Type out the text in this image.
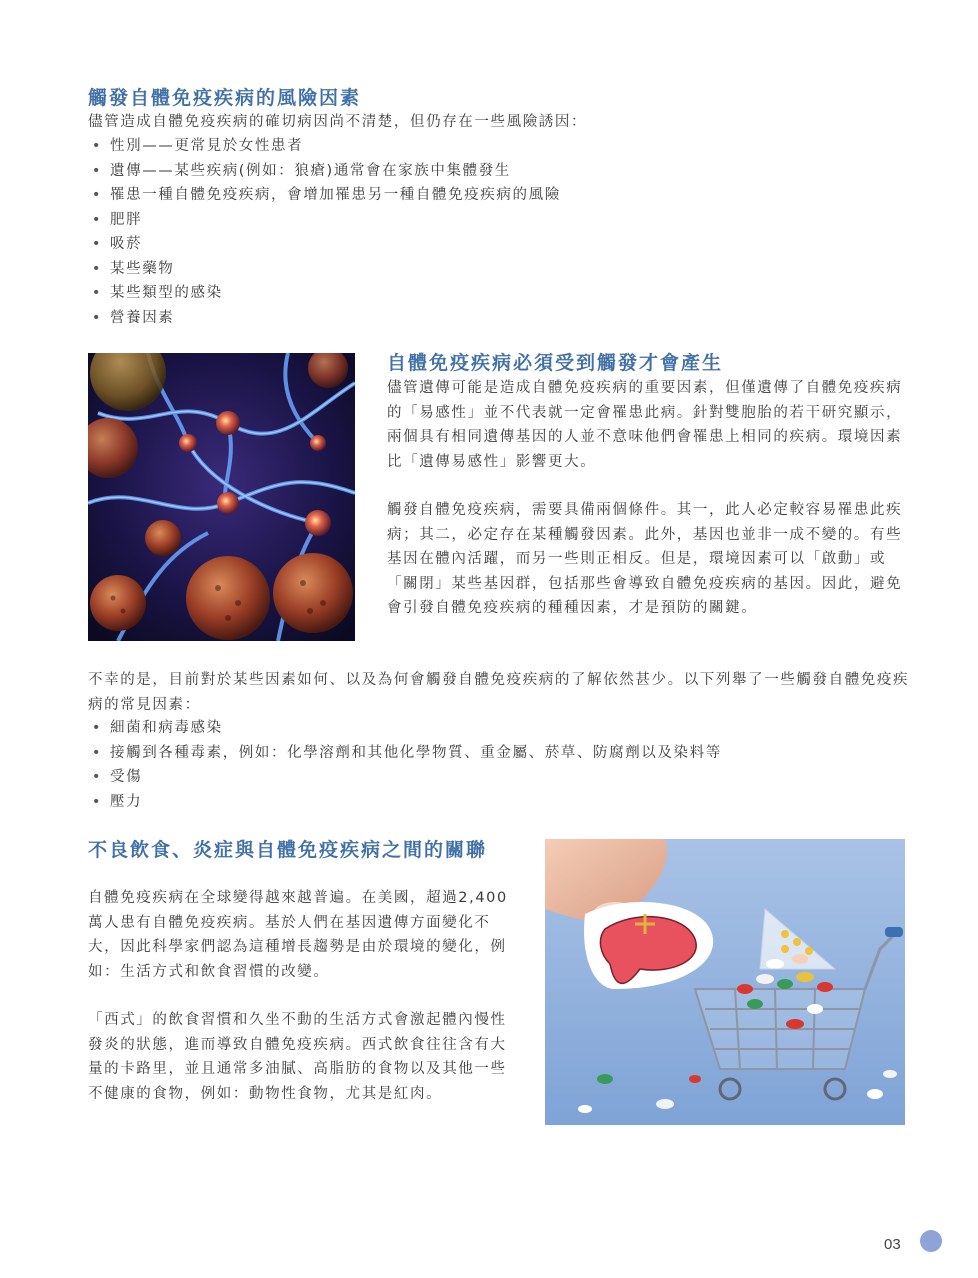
觸發自體免疫疾病的風險因素

儘管造成自體免疫疾病的確切病因尚不清楚，但仍存在一些風險誘因：

• 性別——更常見於女性患者
• 遺傳——某些疾病(例如：狼瘡)通常會在家族中集體發生
• 罹患一種自體免疫疾病，會增加罹患另一種自體免疫疾病的風險
• 肥胖
• 吸菸
• 某些藥物
• 某些類型的感染
• 營養因素
自體免疫疾病必須受到觸發才會產生

儘管遺傳可能是造成自體免疫疾病的重要因素，但僅遺傳了自體免疫疾病的「易感性」並不代表就一定會罹患此病。針對雙胞胎的若干研究顯示，兩個具有相同遺傳基因的人並不意味他們會罹患上相同的疾病。環境因素比「遺傳易感性」影響更大。

觸發自體免疫疾病，需要具備兩個條件。其一，此人必定較容易罹患此疾病；其二，必定存在某種觸發因素。此外，基因也並非一成不變的。有些基因在體內活躍，而另一些則正相反。但是，環境因素可以「啟動」或「關閉」某些基因群，包括那些會導致自體免疫疾病的基因。因此，避免會引發自體免疫疾病的種種因素，才是預防的關鍵。

不幸的是，目前對於某些因素如何、以及為何會觸發自體免疫疾病的了解依然甚少。以下列舉了一些觸發自體免疫疾病的常見因素：

• 細菌和病毒感染
• 接觸到各種毒素，例如：化學溶劑和其他化學物質、重金屬、菸草、防腐劑以及染料等
• 受傷
• 壓力
不良飲食、炎症與自體免疫疾病之間的關聯

自體免疫疾病在全球變得越來越普遍。在美國，超過2,400萬人患有自體免疫疾病。基於人們在基因遺傳方面變化不大，因此科學家們認為這種增長趨勢是由於環境的變化，例如：生活方式和飲食習慣的改變。

「西式」的飲食習慣和久坐不動的生活方式會激起體內慢性發炎的狀態，進而導致自體免疫疾病。西式飲食往往含有大量的卡路里，並且通常多油膩、高脂肪的食物以及其他一些不健康的食物，例如：動物性食物，尤其是紅肉。

03
